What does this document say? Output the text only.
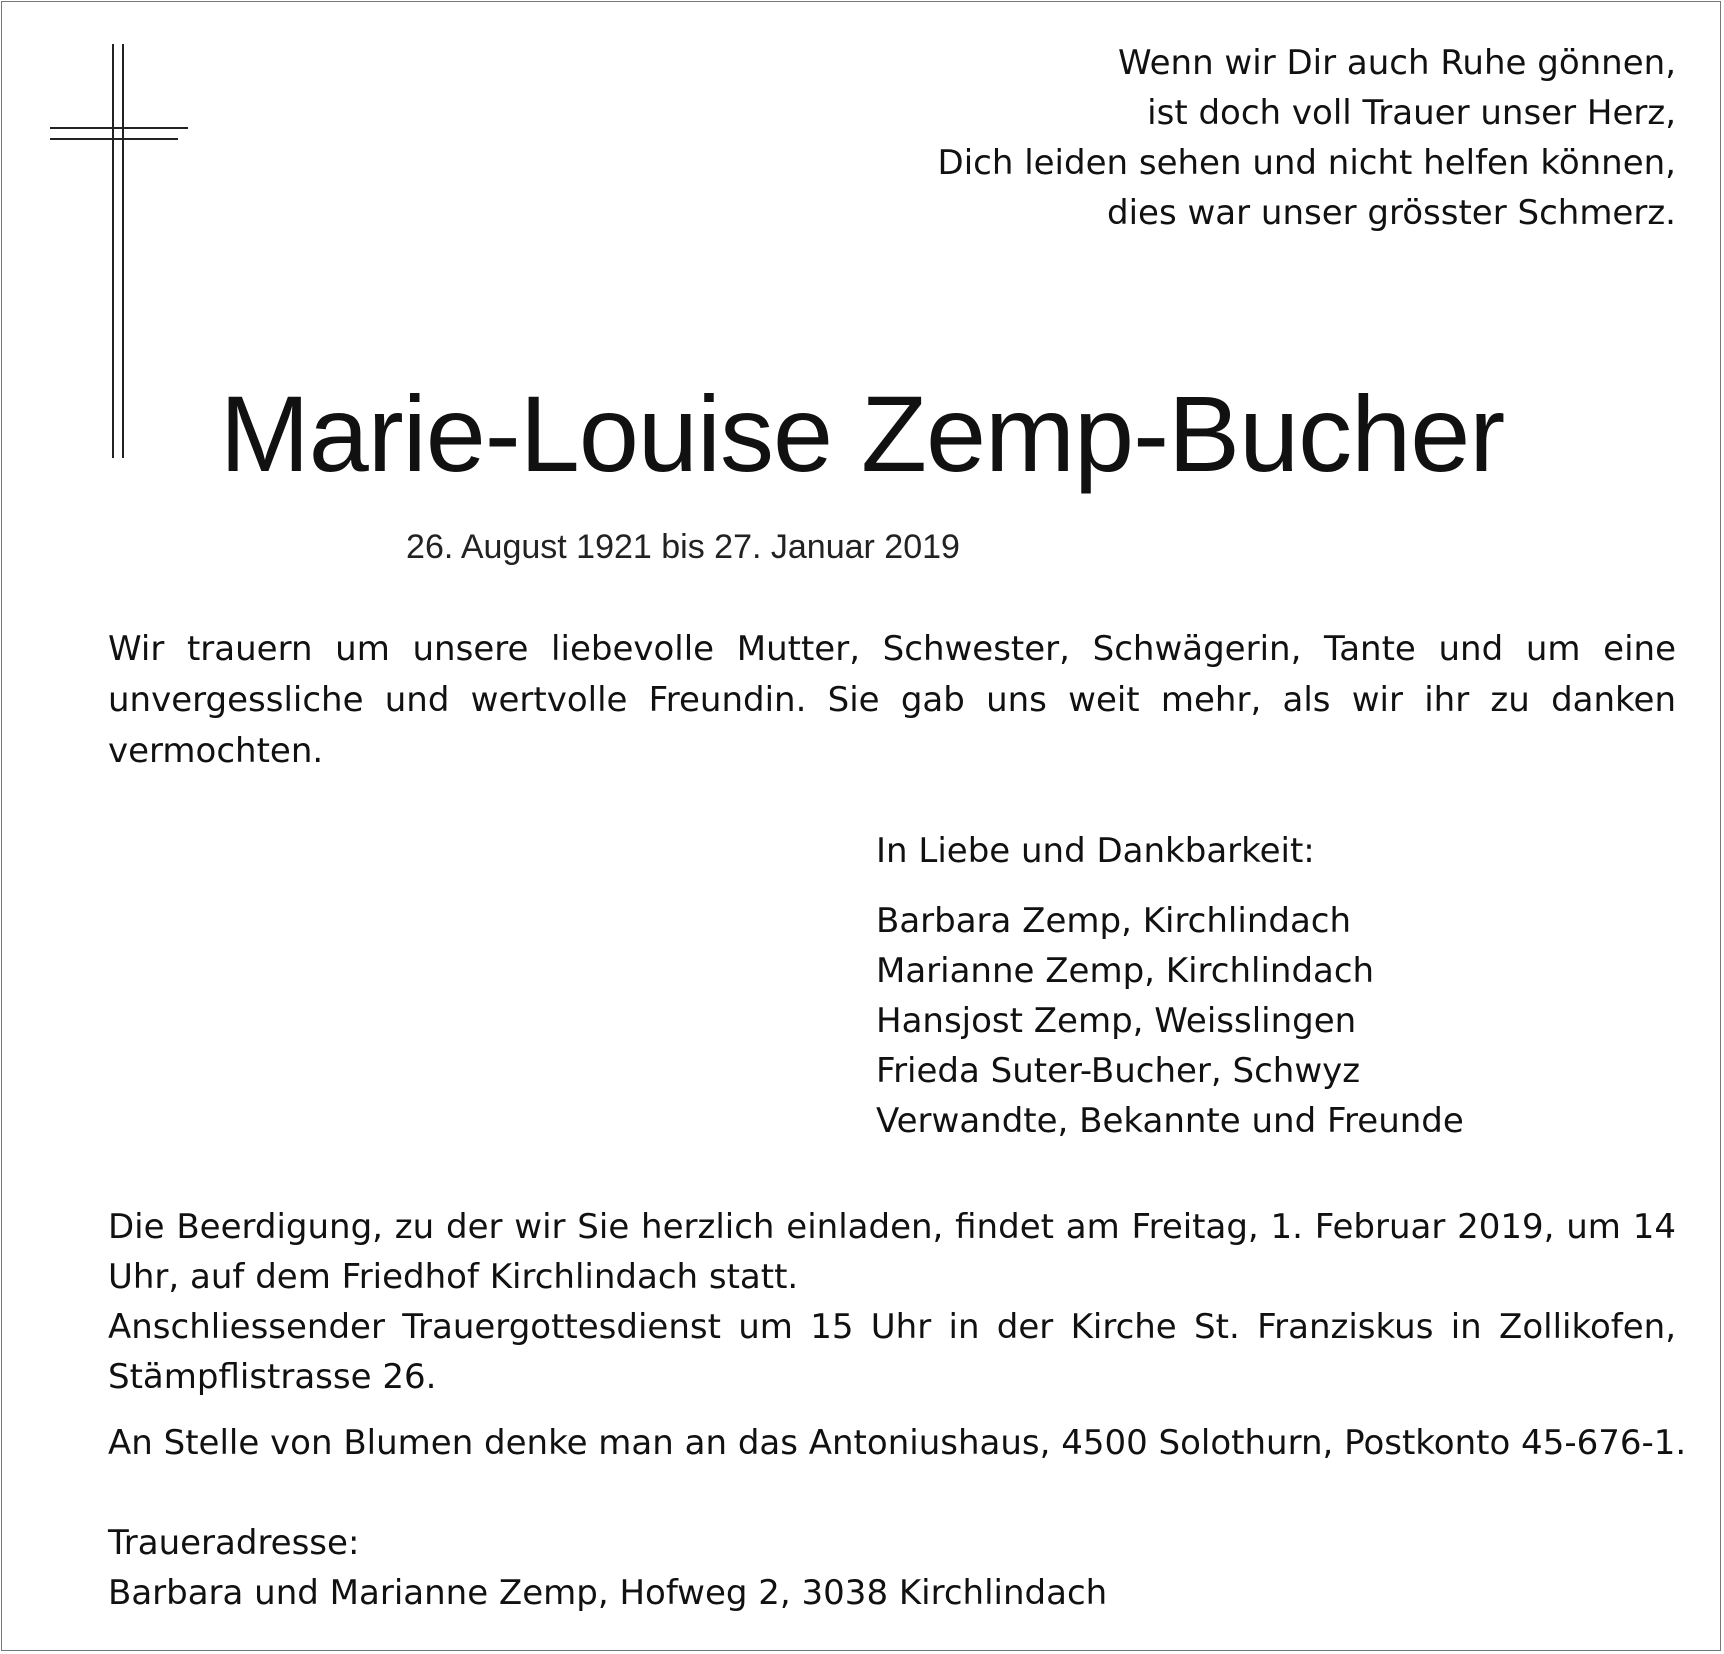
Wenn wir Dir auch Ruhe gönnen,
ist doch voll Trauer unser Herz,
Dich leiden sehen und nicht helfen können,
dies war unser grösster Schmerz.
Marie-Louise Zemp-Bucher
26. August 1921 bis 27. Januar 2019
Wir trauern um unsere liebevolle Mutter, Schwester, Schwägerin, Tante und um eine unvergessliche und wertvolle Freundin. Sie gab uns weit mehr, als wir ihr zu danken vermochten.
In Liebe und Dankbarkeit:
Barbara Zemp, Kirchlindach
Marianne Zemp, Kirchlindach
Hansjost Zemp, Weisslingen
Frieda Suter-Bucher, Schwyz
Verwandte, Bekannte und Freunde
Die Beerdigung, zu der wir Sie herzlich einladen, findet am Freitag, 1. Februar 2019, um 14 Uhr, auf dem Friedhof Kirchlindach statt.
Anschliessender Trauergottesdienst um 15 Uhr in der Kirche St. Franziskus in Zollikofen, Stämpflistrasse 26.
An Stelle von Blumen denke man an das Antoniushaus, 4500 Solothurn, Postkonto 45-676-1.
Traueradresse:
Barbara und Marianne Zemp, Hofweg 2, 3038 Kirchlindach
